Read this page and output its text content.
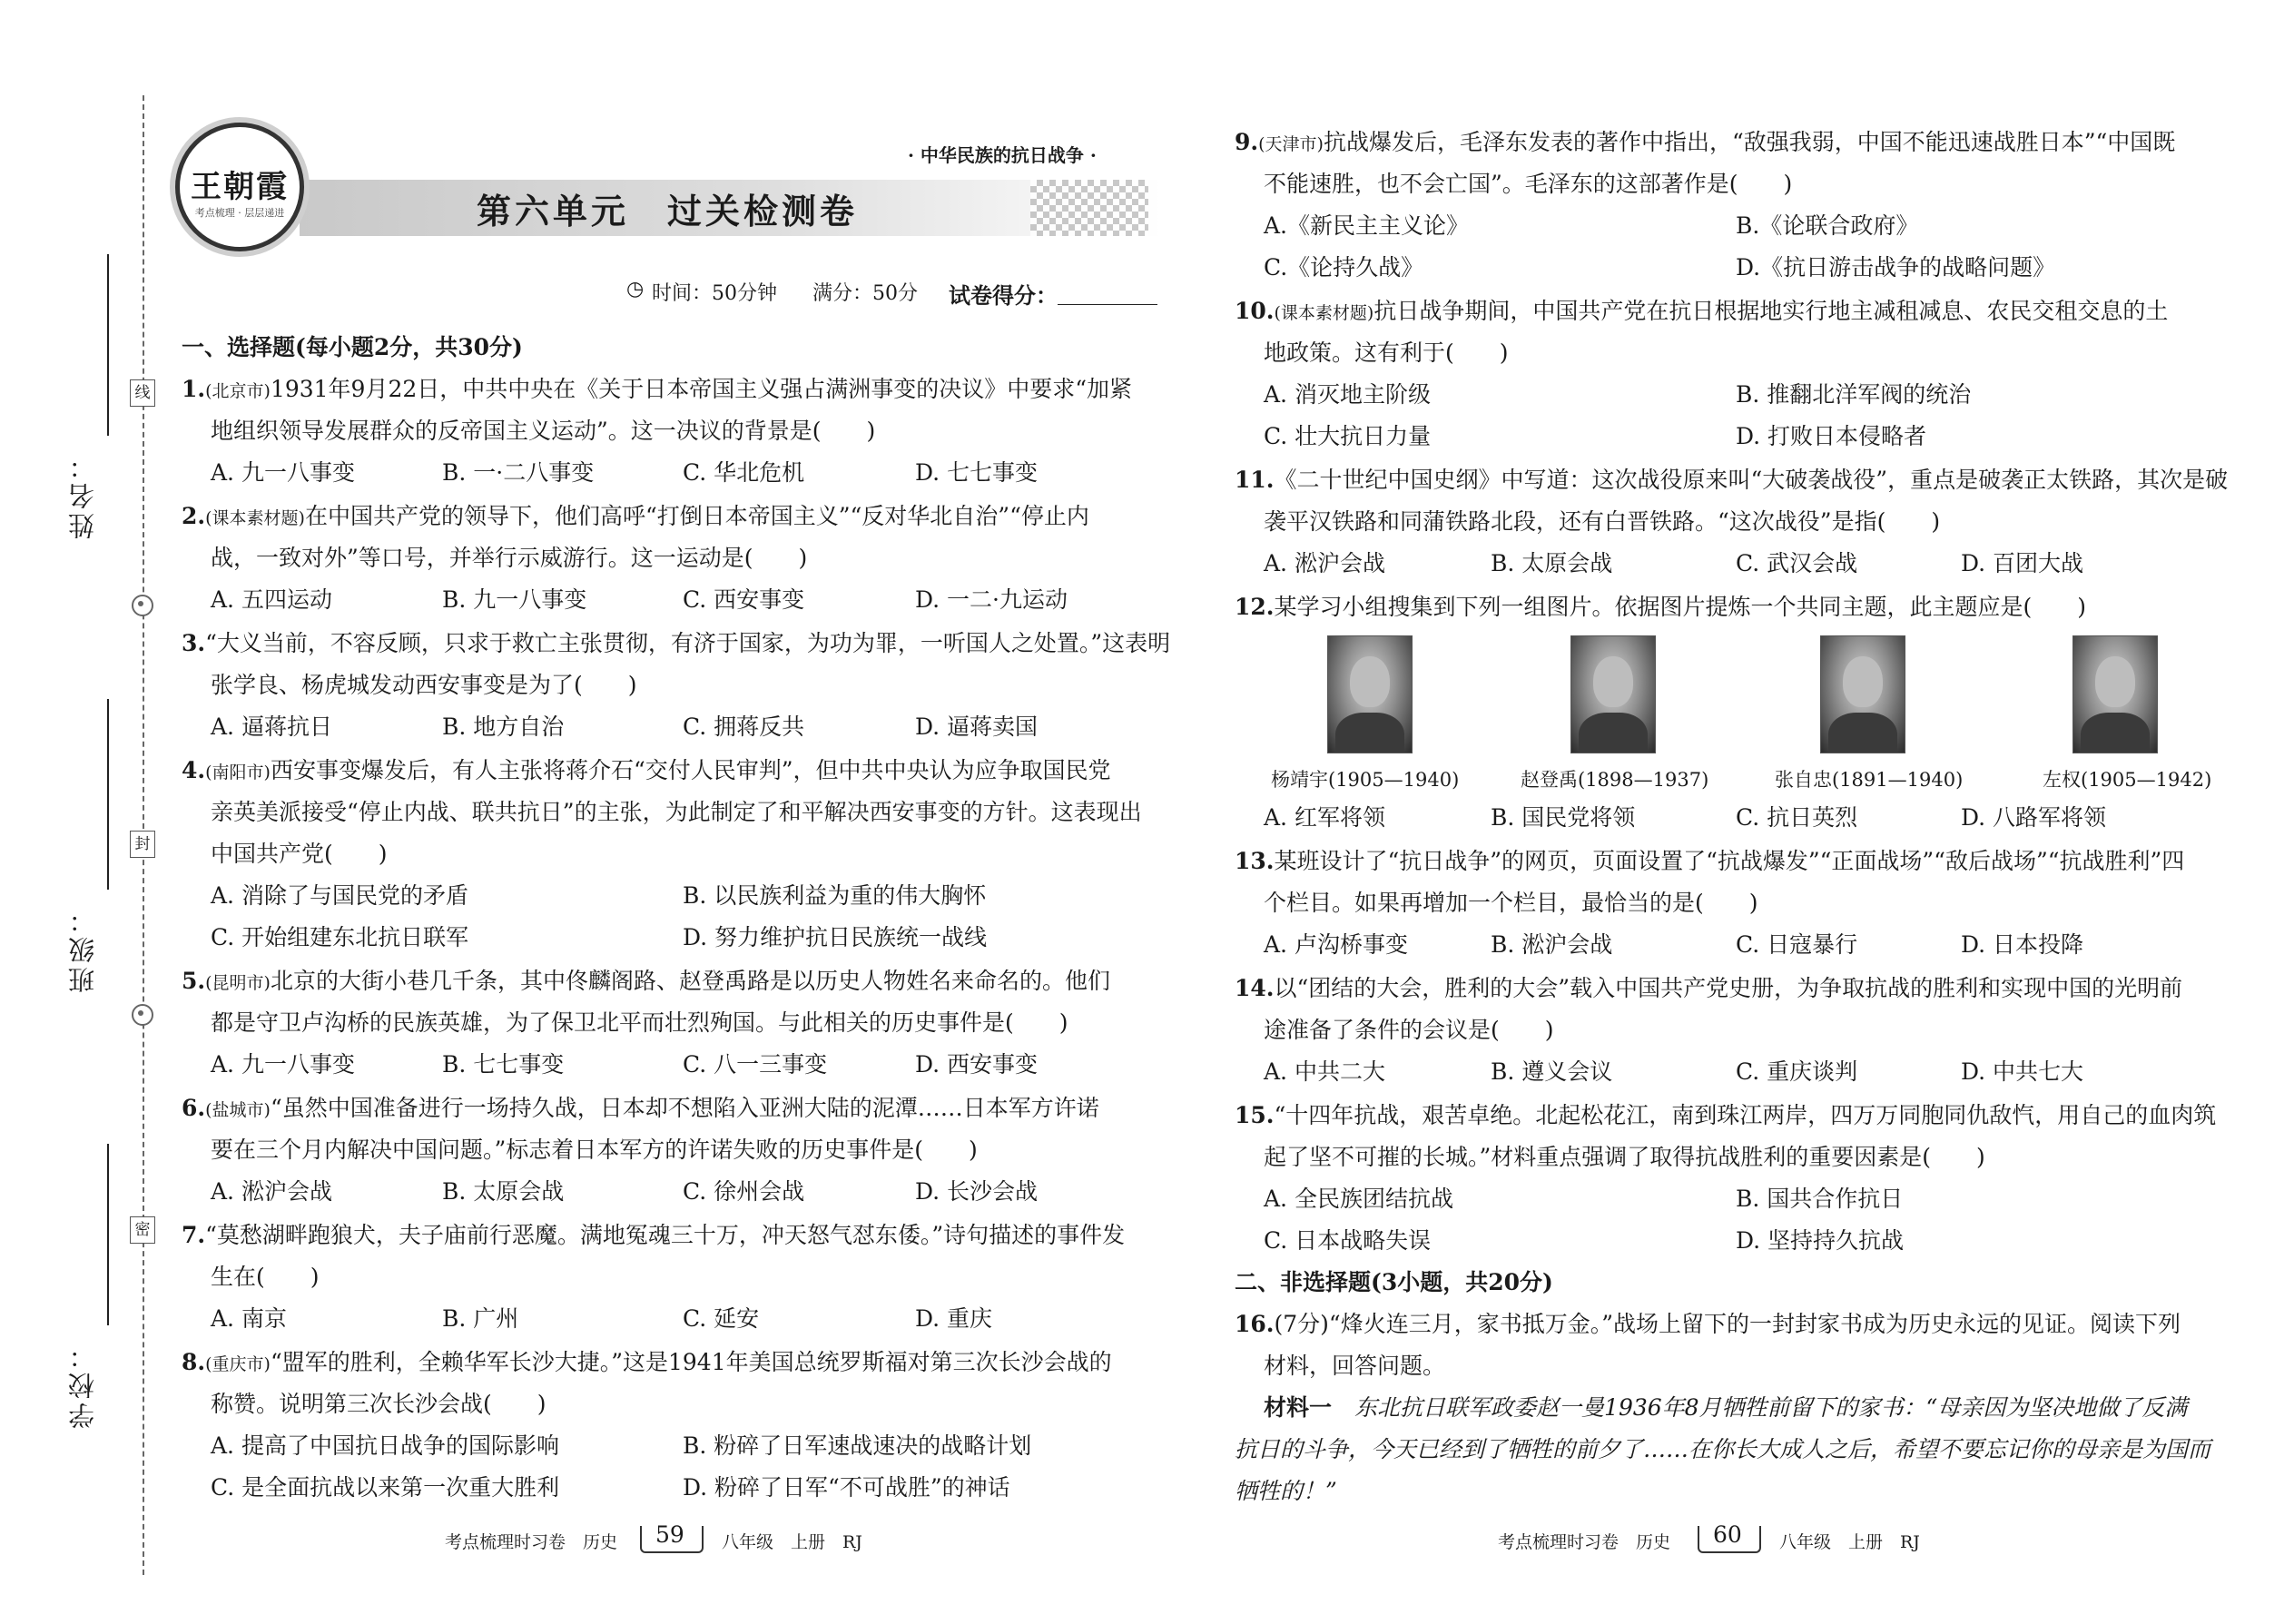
线
封
密
姓名：
班级：
学校：
王朝霞
考点梳理 · 层层递进
· 中华民族的抗日战争 ·
第六单元　过关检测卷
◷ 时间：50分钟 满分：50分 试卷得分：
一、选择题(每小题2分，共30分)
1.(北京市)1931年9月22日，中共中央在《关于日本帝国主义强占满洲事变的决议》中要求“加紧
地组织领导发展群众的反帝国主义运动”。这一决议的背景是(　　)
A. 九一八事变	B. 一·二八事变	C. 华北危机	D. 七七事变
2.(课本素材题)在中国共产党的领导下，他们高呼“打倒日本帝国主义”“反对华北自治”“停止内
战，一致对外”等口号，并举行示威游行。这一运动是(　　)
A. 五四运动	B. 九一八事变	C. 西安事变	D. 一二·九运动
3.“大义当前，不容反顾，只求于救亡主张贯彻，有济于国家，为功为罪，一听国人之处置。”这表明
张学良、杨虎城发动西安事变是为了(　　)
A. 逼蒋抗日	B. 地方自治	C. 拥蒋反共	D. 逼蒋卖国
4.(南阳市)西安事变爆发后，有人主张将蒋介石“交付人民审判”，但中共中央认为应争取国民党
亲英美派接受“停止内战、联共抗日”的主张，为此制定了和平解决西安事变的方针。这表现出
中国共产党(　　)
A. 消除了与国民党的矛盾	B. 以民族利益为重的伟大胸怀
C. 开始组建东北抗日联军	D. 努力维护抗日民族统一战线
5.(昆明市)北京的大街小巷几千条，其中佟麟阁路、赵登禹路是以历史人物姓名来命名的。他们
都是守卫卢沟桥的民族英雄，为了保卫北平而壮烈殉国。与此相关的历史事件是(　　)
A. 九一八事变	B. 七七事变	C. 八一三事变	D. 西安事变
6.(盐城市)“虽然中国准备进行一场持久战，日本却不想陷入亚洲大陆的泥潭……日本军方许诺
要在三个月内解决中国问题。”标志着日本军方的许诺失败的历史事件是(　　)
A. 淞沪会战	B. 太原会战	C. 徐州会战	D. 长沙会战
7.“莫愁湖畔跑狼犬，夫子庙前行恶魔。满地冤魂三十万，冲天怒气怼东倭。”诗句描述的事件发
生在(　　)
A. 南京	B. 广州	C. 延安	D. 重庆
8.(重庆市)“盟军的胜利，全赖华军长沙大捷。”这是1941年美国总统罗斯福对第三次长沙会战的
称赞。说明第三次长沙会战(　　)
A. 提高了中国抗日战争的国际影响	B. 粉碎了日军速战速决的战略计划
C. 是全面抗战以来第一次重大胜利	D. 粉碎了日军“不可战胜”的神话
9.(天津市)抗战爆发后，毛泽东发表的著作中指出，“敌强我弱，中国不能迅速战胜日本”“中国既
不能速胜，也不会亡国”。毛泽东的这部著作是(　　)
A.《新民主主义论》	B.《论联合政府》
C.《论持久战》	D.《抗日游击战争的战略问题》
10.(课本素材题)抗日战争期间，中国共产党在抗日根据地实行地主减租减息、农民交租交息的土
地政策。这有利于(　　)
A. 消灭地主阶级	B. 推翻北洋军阀的统治
C. 壮大抗日力量	D. 打败日本侵略者
11.《二十世纪中国史纲》中写道：这次战役原来叫“大破袭战役”，重点是破袭正太铁路，其次是破
袭平汉铁路和同蒲铁路北段，还有白晋铁路。“这次战役”是指(　　)
A. 淞沪会战	B. 太原会战	C. 武汉会战	D. 百团大战
12.某学习小组搜集到下列一组图片。依据图片提炼一个共同主题，此主题应是(　　)
杨靖宇(1905—1940)	赵登禹(1898—1937)	张自忠(1891—1940)	左权(1905—1942)
A. 红军将领	B. 国民党将领	C. 抗日英烈	D. 八路军将领
13.某班设计了“抗日战争”的网页，页面设置了“抗战爆发”“正面战场”“敌后战场”“抗战胜利”四
个栏目。如果再增加一个栏目，最恰当的是(　　)
A. 卢沟桥事变	B. 淞沪会战	C. 日寇暴行	D. 日本投降
14.以“团结的大会，胜利的大会”载入中国共产党史册，为争取抗战的胜利和实现中国的光明前
途准备了条件的会议是(　　)
A. 中共二大	B. 遵义会议	C. 重庆谈判	D. 中共七大
15.“十四年抗战，艰苦卓绝。北起松花江，南到珠江两岸，四万万同胞同仇敌忾，用自己的血肉筑
起了坚不可摧的长城。”材料重点强调了取得抗战胜利的重要因素是(　　)
A. 全民族团结抗战	B. 国共合作抗日
C. 日本战略失误	D. 坚持持久抗战
二、非选择题(3小题，共20分)
16.(7分)“烽火连三月，家书抵万金。”战场上留下的一封封家书成为历史永远的见证。阅读下列
材料，回答问题。
材料一　 东北抗日联军政委赵一曼1936年8月牺牲前留下的家书：“母亲因为坚决地做了反满
抗日的斗争，今天已经到了牺牲的前夕了……在你长大成人之后，希望不要忘记你的母亲是为国而
牺牲的！”
考点梳理时习卷　历史 59 八年级　上册　RJ	考点梳理时习卷　历史 60 八年级　上册　RJ
